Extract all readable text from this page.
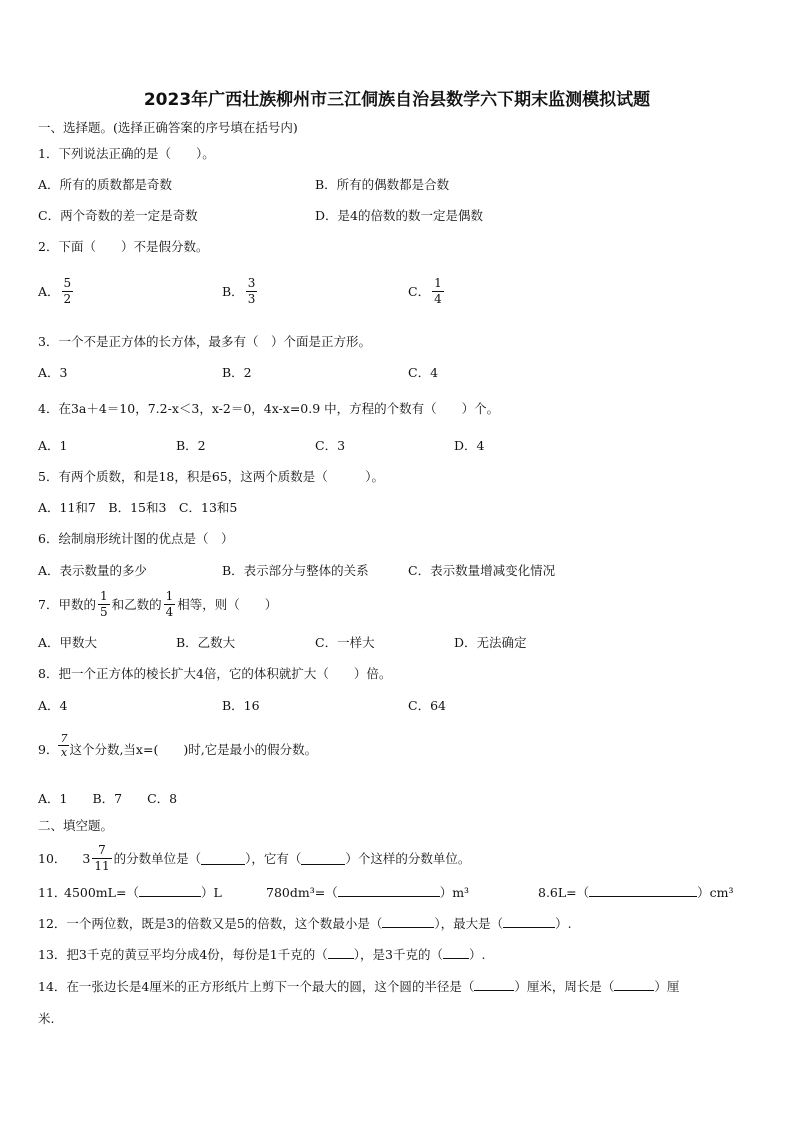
2023年广西壮族柳州市三江侗族自治县数学六下期末监测模拟试题
一、选择题。(选择正确答案的序号填在括号内)
1．下列说法正确的是（　　）。
A．所有的质数都是奇数	B．所有的偶数都是合数
C．两个奇数的差一定是奇数	D．是4的倍数的数一定是偶数
2．下面（　　）不是假分数。
A． $\frac{5}{2}$	B． $\frac{3}{3}$	C． $\frac{1}{4}$
3．一个不是正方体的长方体，最多有（　）个面是正方形。
A．3	B．2	C．4
4．在3a＋4＝10，7.2-x＜3，x-2＝0，4x-x=0.9 中，方程的个数有（　　）个。
A．1	B．2	C．3	D．4
5．有两个质数，和是18，积是65，这两个质数是（　　　）。
A．11和7　B．15和3　C．13和5
6．绘制扇形统计图的优点是（　）
A．表示数量的多少	B．表示部分与整体的关系	C．表示数量增减变化情况
7．甲数的 $\frac{1}{5}$ 和乙数的 $\frac{1}{4}$ 相等，则（　　）
A．甲数大	B．乙数大	C．一样大	D．无法确定
8．把一个正方体的棱长扩大4倍，它的体积就扩大（　　）倍。
A．4	B．16	C．64
9． $\frac{7}{x}$ 这个分数,当x=(　　)时,它是最小的假分数。
A．1　　B．7　　C．8
二、填空题。
10． $3 \frac{7}{11}$ 的分数单位是（	），它有（	）个这样的分数单位。
11．
4500mL=（	）L	780dm³=（	）m³	8.6L=（	）cm³
12．一个两位数，既是3的倍数又是5的倍数，这个数最小是（	），最大是（	）.
13．把3千克的黄豆平均分成4份，每份是1千克的（ ），是3千克的（ ）.
14．在一张边长是4厘米的正方形纸片上剪下一个最大的圆，这个圆的半径是（	）厘米，周长是（	）厘
米.
